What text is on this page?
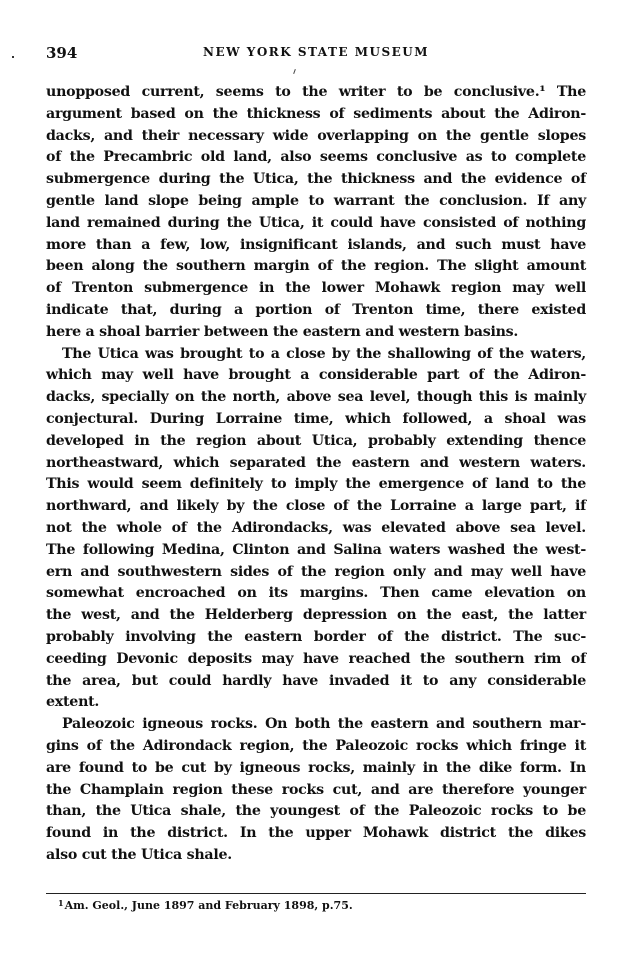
394	NEW YORK STATE MUSEUM
unopposed current, seems to the writer to be conclusive.¹ The
argument based on the thickness of sediments about the Adiron-
dacks, and their necessary wide overlapping on the gentle slopes
of the Precambric old land, also seems conclusive as to complete
submergence during the Utica, the thickness and the evidence of
gentle land slope being ample to warrant the conclusion. If any
land remained during the Utica, it could have consisted of nothing
more than a few, low, insignificant islands, and such must have
been along the southern margin of the region. The slight amount
of Trenton submergence in the lower Mohawk region may well
indicate that, during a portion of Trenton time, there existed
here a shoal barrier between the eastern and western basins.
The Utica was brought to a close by the shallowing of the waters,
which may well have brought a considerable part of the Adiron-
dacks, specially on the north, above sea level, though this is mainly
conjectural. During Lorraine time, which followed, a shoal was
developed in the region about Utica, probably extending thence
northeastward, which separated the eastern and western waters.
This would seem definitely to imply the emergence of land to the
northward, and likely by the close of the Lorraine a large part, if
not the whole of the Adirondacks, was elevated above sea level.
The following Medina, Clinton and Salina waters washed the west-
ern and southwestern sides of the region only and may well have
somewhat encroached on its margins. Then came elevation on
the west, and the Helderberg depression on the east, the latter
probably involving the eastern border of the district. The suc-
ceeding Devonic deposits may have reached the southern rim of
the area, but could hardly have invaded it to any considerable
extent.
Paleozoic igneous rocks. On both the eastern and southern mar-
gins of the Adirondack region, the Paleozoic rocks which fringe it
are found to be cut by igneous rocks, mainly in the dike form. In
the Champlain region these rocks cut, and are therefore younger
than, the Utica shale, the youngest of the Paleozoic rocks to be
found in the district. In the upper Mohawk district the dikes
also cut the Utica shale.
$^1$Am. Geol., June 1897 and February 1898, p.75.
